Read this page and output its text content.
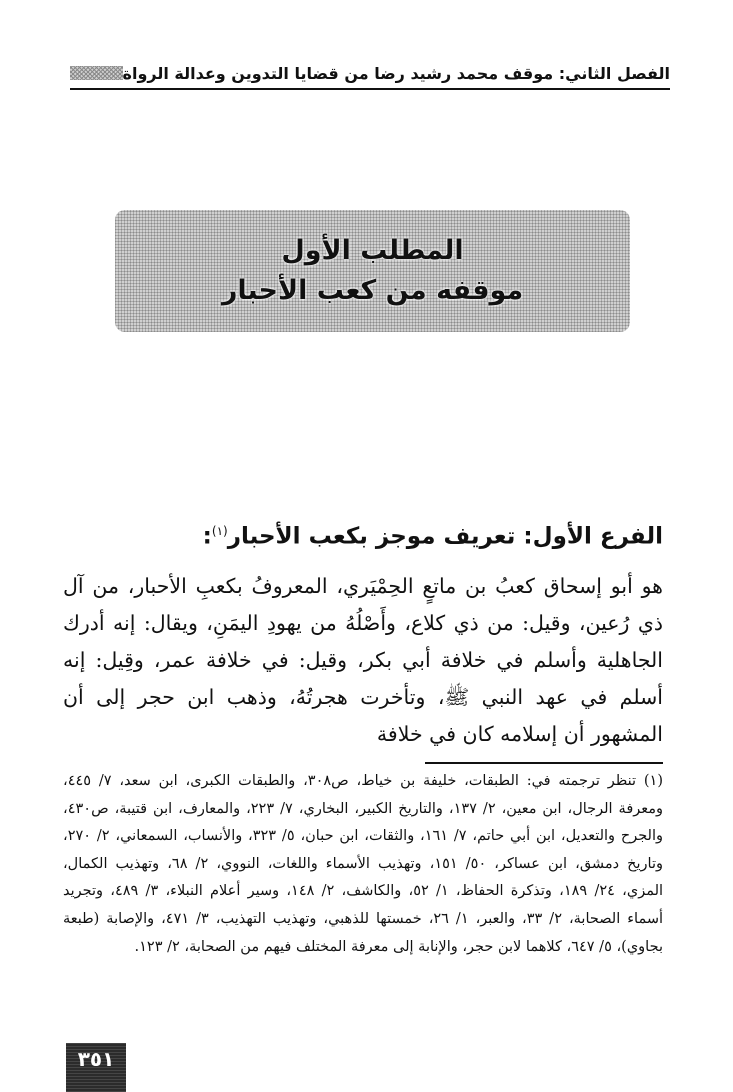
الفصل الثاني: موقف محمد رشيد رضا من قضايا التدوين وعدالة الرواة
المطلب الأول
موقفه من كعب الأحبار
الفرع الأول: تعريف موجز بكعب الأحبار$^{(١)}$:

هو أبو إسحاق كعبُ بن ماتعٍ الحِمْيَري، المعروفُ بكعبِ الأحبار، من آل ذي رُعين، وقيل: من ذي كلاع، وأَصْلُهُ من يهودِ اليمَنِ، ويقال: إنه أدرك الجاهلية وأسلم في خلافة أبي بكر، وقيل: في خلافة عمر، وقِيل: إنه أسلم في عهد النبي ﷺ، وتأخرت هجرتُهُ، وذهب ابن حجر إلى أن المشهور أن إسلامه كان في خلافة

(١) تنظر ترجمته في: الطبقات، خليفة بن خياط، ص٣٠٨، والطبقات الكبرى، ابن سعد، ٧/ ٤٤٥، ومعرفة الرجال، ابن معين، ٢/ ١٣٧، والتاريخ الكبير، البخاري، ٧/ ٢٢٣، والمعارف، ابن قتيبة، ص٤٣٠، والجرح والتعديل، ابن أبي حاتم، ٧/ ١٦١، والثقات، ابن حبان، ٥/ ٣٢٣، والأنساب، السمعاني، ٢/ ٢٧٠، وتاريخ دمشق، ابن عساكر، ٥٠/ ١٥١، وتهذيب الأسماء واللغات، النووي، ٢/ ٦٨، وتهذيب الكمال، المزي، ٢٤/ ١٨٩، وتذكرة الحفاظ، ١/ ٥٢، والكاشف، ٢/ ١٤٨، وسير أعلام النبلاء، ٣/ ٤٨٩، وتجريد أسماء الصحابة، ٢/ ٣٣، والعبر، ١/ ٢٦، خمستها للذهبي، وتهذيب التهذيب، ٣/ ٤٧١، والإصابة (طبعة بجاوي)، ٥/ ٦٤٧، كلاهما لابن حجر، والإنابة إلى معرفة المختلف فيهم من الصحابة، ٢/ ١٢٣.

٣٥١
